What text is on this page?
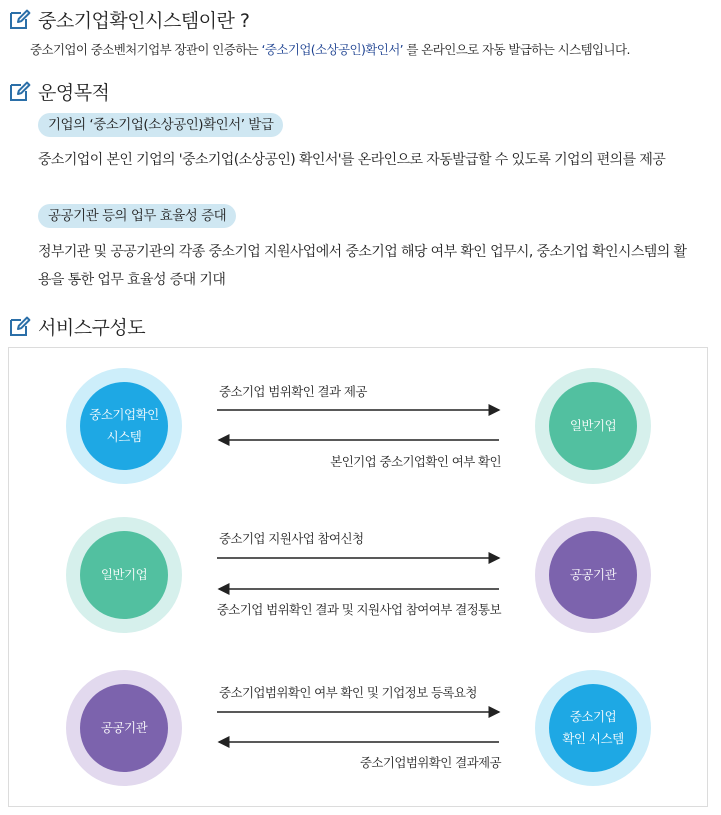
중소기업확인시스템이란 ?
중소기업이 중소벤처기업부 장관이 인증하는 ‘중소기업(소상공인)확인서’ 를 온라인으로 자동 발급하는 시스템입니다.
운영목적
기업의 ‘중소기업(소상공인)확인서’ 발급
중소기업이 본인 기업의 '중소기업(소상공인) 확인서'를 온라인으로 자동발급할 수 있도록 기업의 편의를 제공
공공기관 등의 업무 효율성 증대
정부기관 및 공공기관의 각종 중소기업 지원사업에서 중소기업 해당 여부 확인 업무시, 중소기업 확인시스템의 활
용을 통한 업무 효율성 증대 기대
서비스구성도
중소기업확인
시스템
일반기업
중소기업 범위확인 결과 제공
본인기업 중소기업확인 여부 확인
일반기업	공공기관
중소기업 지원사업 참여신청
중소기업 범위확인 결과 및 지원사업 참여여부 결정통보
공공기관
중소기업
확인 시스템
중소기업범위확인 여부 확인 및 기업정보 등록요청
중소기업범위확인 결과제공
